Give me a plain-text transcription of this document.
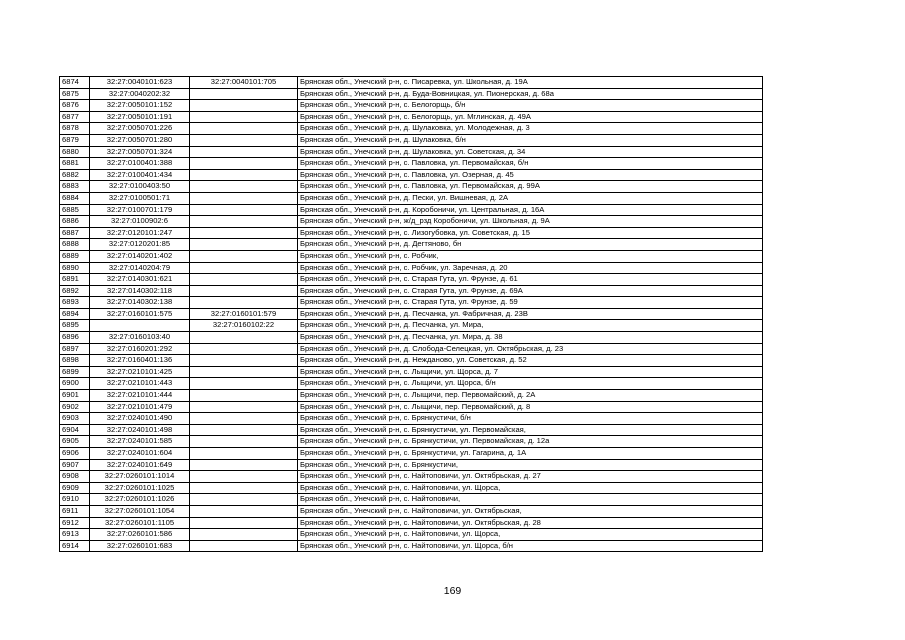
6874	32:27:0040101:623	32:27:0040101:705	Брянская обл., Унечский р-н, с. Писаревка, ул. Школьная, д. 19А
6875	32:27:0040202:32		Брянская обл., Унечский р-н, д. Буда-Вовницкая, ул. Пионерская, д. 68а
6876	32:27:0050101:152		Брянская обл., Унечский р-н, с. Белогорщь, б/н
6877	32:27:0050101:191		Брянская обл., Унечский р-н, с. Белогорщь, ул. Мглинская, д. 49А
6878	32:27:0050701:226		Брянская обл., Унечский р-н, д. Шулаковка, ул. Молодежная, д. 3
6879	32:27:0050701:280		Брянская обл., Унечский р-н, д. Шулаковка, б/н
6880	32:27:0050701:324		Брянская обл., Унечский р-н, д. Шулаковка, ул. Советская, д. 34
6881	32:27:0100401:388		Брянская обл., Унечский р-н, с. Павловка, ул. Первомайская, б/н
6882	32:27:0100401:434		Брянская обл., Унечский р-н, с. Павловка, ул. Озерная, д. 45
6883	32:27:0100403:50		Брянская обл., Унечский р-н, с. Павловка, ул. Первомайская, д. 99А
6884	32:27:0100501:71		Брянская обл., Унечский р-н, д. Пески, ул. Вишневая, д. 2А
6885	32:27:0100701:179		Брянская обл., Унечский р-н, д. Коробоничи, ул. Центральная, д. 16А
6886	32:27:0100902:6		Брянская обл., Унечский р-н, ж/д_рзд Коробоничи, ул. Школьная, д. 9А
6887	32:27:0120101:247		Брянская обл., Унечский р-н, с. Лизогубовка, ул. Советская, д. 15
6888	32:27:0120201:85		Брянская обл., Унечский р-н, д. Дегтяново, бн
6889	32:27:0140201:402		Брянская обл., Унечский р-н, с. Робчик,
6890	32:27:0140204:79		Брянская обл., Унечский р-н, с. Робчик, ул. Заречная, д. 20
6891	32:27:0140301:621		Брянская обл., Унечский р-н, с. Старая Гута, ул. Фрунзе, д. 61
6892	32:27:0140302:118		Брянская обл., Унечский р-н, с. Старая Гута, ул. Фрунзе, д. 69А
6893	32:27:0140302:138		Брянская обл., Унечский р-н, с. Старая Гута, ул. Фрунзе, д. 59
6894	32:27:0160101:575	32:27:0160101:579	Брянская обл., Унечский р-н, д. Песчанка, ул. Фабричная, д. 23В
6895		32:27:0160102:22	Брянская обл., Унечский р-н, д. Песчанка, ул. Мира,
6896	32:27:0160103:40		Брянская обл., Унечский р-н, д. Песчанка, ул. Мира, д. 38
6897	32:27:0160201:292		Брянская обл., Унечский р-н, д. Слобода-Селецкая, ул. Октябрьская, д. 23
6898	32:27:0160401:136		Брянская обл., Унечский р-н, д. Нежданово, ул. Советская, д. 52
6899	32:27:0210101:425		Брянская обл., Унечский р-н, с. Лыщичи, ул. Щорса, д. 7
6900	32:27:0210101:443		Брянская обл., Унечский р-н, с. Лыщичи, ул. Щорса, б/н
6901	32:27:0210101:444		Брянская обл., Унечский р-н, с. Лыщичи, пер. Первомайский, д. 2А
6902	32:27:0210101:479		Брянская обл., Унечский р-н, с. Лыщичи, пер. Первомайский, д. 8
6903	32:27:0240101:490		Брянская обл., Унечский р-н, с. Брянкустичи, б/н
6904	32:27:0240101:498		Брянская обл., Унечский р-н, с. Брянкустичи, ул. Первомайская,
6905	32:27:0240101:585		Брянская обл., Унечский р-н, с. Брянкустичи, ул. Первомайская, д. 12а
6906	32:27:0240101:604		Брянская обл., Унечский р-н, с. Брянкустичи, ул. Гагарина, д. 1А
6907	32:27:0240101:649		Брянская обл., Унечский р-н, с. Брянкустичи,
6908	32:27:0260101:1014		Брянская обл., Унечский р-н, с. Найтоповичи, ул. Октябрьская, д. 27
6909	32:27:0260101:1025		Брянская обл., Унечский р-н, с. Найтоповичи, ул. Щорса,
6910	32:27:0260101:1026		Брянская обл., Унечский р-н, с. Найтоповичи,
6911	32:27:0260101:1054		Брянская обл., Унечский р-н, с. Найтоповичи, ул. Октябрьская,
6912	32:27:0260101:1105		Брянская обл., Унечский р-н, с. Найтоповичи, ул. Октябрьская, д. 28
6913	32:27:0260101:586		Брянская обл., Унечский р-н, с. Найтоповичи, ул. Щорса,
6914	32:27:0260101:683		Брянская обл., Унечский р-н, с. Найтоповичи, ул. Щорса, б/н
169
